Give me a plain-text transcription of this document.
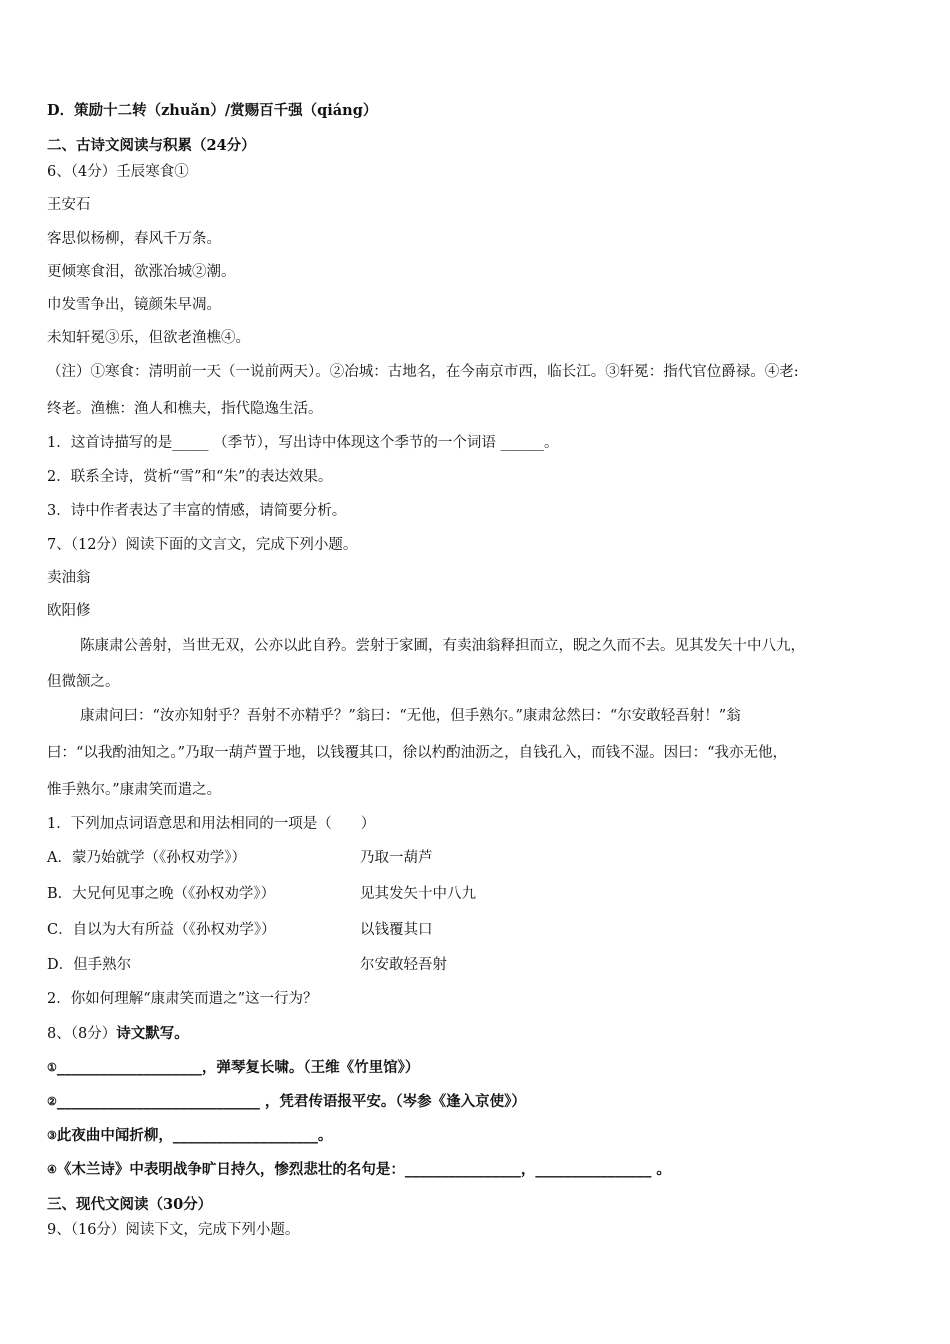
D．策励十二转（zhuǎn）/赏赐百千强（qiáng）
二、古诗文阅读与积累（24分）
6、（4分）壬辰寒食①
王安石
客思似杨柳，春风千万条。
更倾寒食泪，欲涨冶城②潮。
巾发雪争出，镜颜朱早凋。
未知轩冕③乐，但欲老渔樵④。
（注）①寒食：清明前一天（一说前两天）。②冶城：古地名，在今南京市西，临长江。③轩冕：指代官位爵禄。④老:
终老。渔樵：渔人和樵夫，指代隐逸生活。
1．这首诗描写的是_____ （季节），写出诗中体现这个季节的一个词语 ______。
2．联系全诗，赏析“雪”和“朱”的表达效果。
3．诗中作者表达了丰富的情感，请简要分析。
7、（12分）阅读下面的文言文，完成下列小题。
卖油翁
欧阳修
陈康肃公善射，当世无双，公亦以此自矜。尝射于家圃，有卖油翁释担而立，睨之久而不去。见其发矢十中八九，
但微颔之。
康肃问曰：“汝亦知射乎？吾射不亦精乎？”翁曰：“无他，但手熟尔。”康肃忿然曰：“尔安敢轻吾射！”翁
曰：“以我酌油知之。”乃取一葫芦置于地，以钱覆其口，徐以杓酌油沥之，自钱孔入，而钱不湿。因曰：“我亦无他，
惟手熟尔。”康肃笑而遣之。
1．下列加点词语意思和用法相同的一项是（　　）
A．蒙乃始就学（《孙权劝学》）	乃取一葫芦
B．大兄何见事之晚（《孙权劝学》）	见其发矢十中八九
C．自以为大有所益（《孙权劝学》）	以钱覆其口
D．但手熟尔	尔安敢轻吾射
2．你如何理解“康肃笑而遣之”这一行为？
8、（8分）诗文默写。
①____________________，弹琴复长啸。（王维《竹里馆》）
②____________________________ ，凭君传语报平安。（岑参《逢入京使》）
③此夜曲中闻折柳，____________________。
④《木兰诗》中表明战争旷日持久，惨烈悲壮的名句是：________________，________________ 。
三、现代文阅读（30分）
9、（16分）阅读下文，完成下列小题。
